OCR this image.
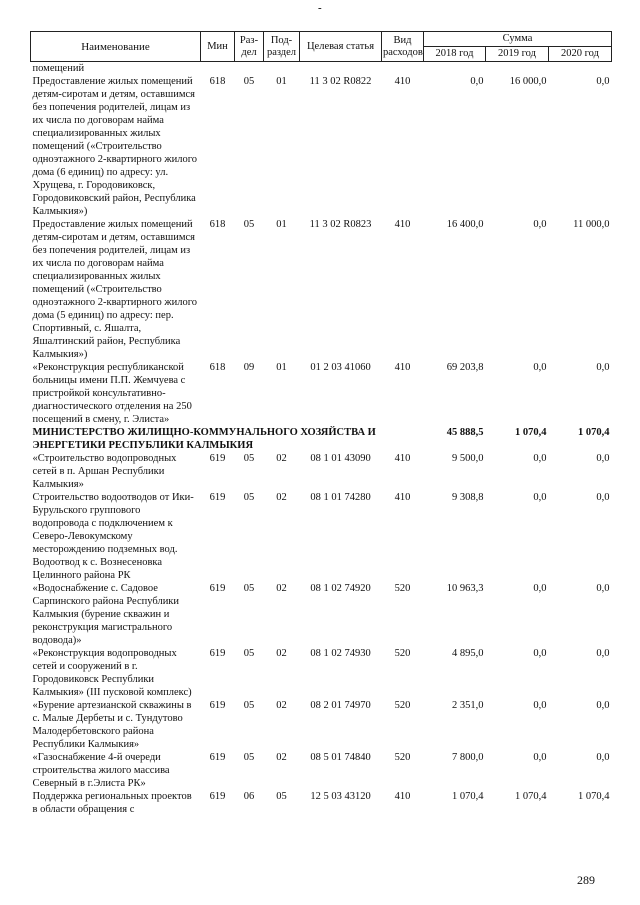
-
Наименование	Мин	Раз-дел	Под-раздел	Целевая статья	Вид расходов	Сумма		
						2018 год	2019 год	2020 год
помещений								
Предоставление жилых помещений детям-сиротам и детям, оставшимся без попечения родителей, лицам из их числа по договорам найма специализированных жилых помещений («Строительство одноэтажного 2-квартирного жилого дома (6 единиц) по адресу: ул. Хрущева, г. Городовиковск, Городовиковский район, Республика Калмыкия»)	618	05	01	11 3 02 R0822	410	0,0	16 000,0	0,0
Предоставление жилых помещений детям-сиротам и детям, оставшимся без попечения родителей, лицам из их числа по договорам найма специализированных жилых помещений («Строительство одноэтажного 2-квартирного жилого дома (5 единиц) по адресу: пер. Спортивный, с. Яшалта, Яшалтинский район, Республика Калмыкия»)	618	05	01	11 3 02 R0823	410	16 400,0	0,0	11 000,0
«Реконструкция республиканской больницы имени П.П. Жемчуева с пристройкой консультативно-диагностического отделения на 250 посещений в смену, г. Элиста»	618	09	01	01 2 03 41060	410	69 203,8	0,0	0,0
МИНИСТЕРСТВО ЖИЛИЩНО-КОММУНАЛЬНОГО ХОЗЯЙСТВА И ЭНЕРГЕТИКИ РЕСПУБЛИКИ КАЛМЫКИЯ						45 888,5	1 070,4	1 070,4
«Строительство водопроводных сетей в п. Аршан Республики Калмыкия»	619	05	02	08 1 01 43090	410	9 500,0	0,0	0,0
Строительство водоотводов от Ики-Бурульского группового водопровода с подключением к Северо-Левокумскому месторождению подземных вод. Водоотвод к с. Вознесеновка Целинного района РК	619	05	02	08 1 01 74280	410	9 308,8	0,0	0,0
«Водоснабжение с. Садовое Сарпинского района Республики Калмыкия (бурение скважин и реконструкция магистрального водовода)»	619	05	02	08 1 02 74920	520	10 963,3	0,0	0,0
«Реконструкция водопроводных сетей и сооружений в г. Городовиковск Республики Калмыкия» (III пусковой комплекс)	619	05	02	08 1 02 74930	520	4 895,0	0,0	0,0
«Бурение артезианской скважины в с. Малые Дербеты и с. Тундутово Малодербетовского района Республики Калмыкия»	619	05	02	08 2 01 74970	520	2 351,0	0,0	0,0
«Газоснабжение 4-й очереди строительства жилого массива Северный в г.Элиста РК»	619	05	02	08 5 01 74840	520	7 800,0	0,0	0,0
Поддержка региональных проектов в области обращения с	619	06	05	12 5 03 43120	410	1 070,4	1 070,4	1 070,4
289
